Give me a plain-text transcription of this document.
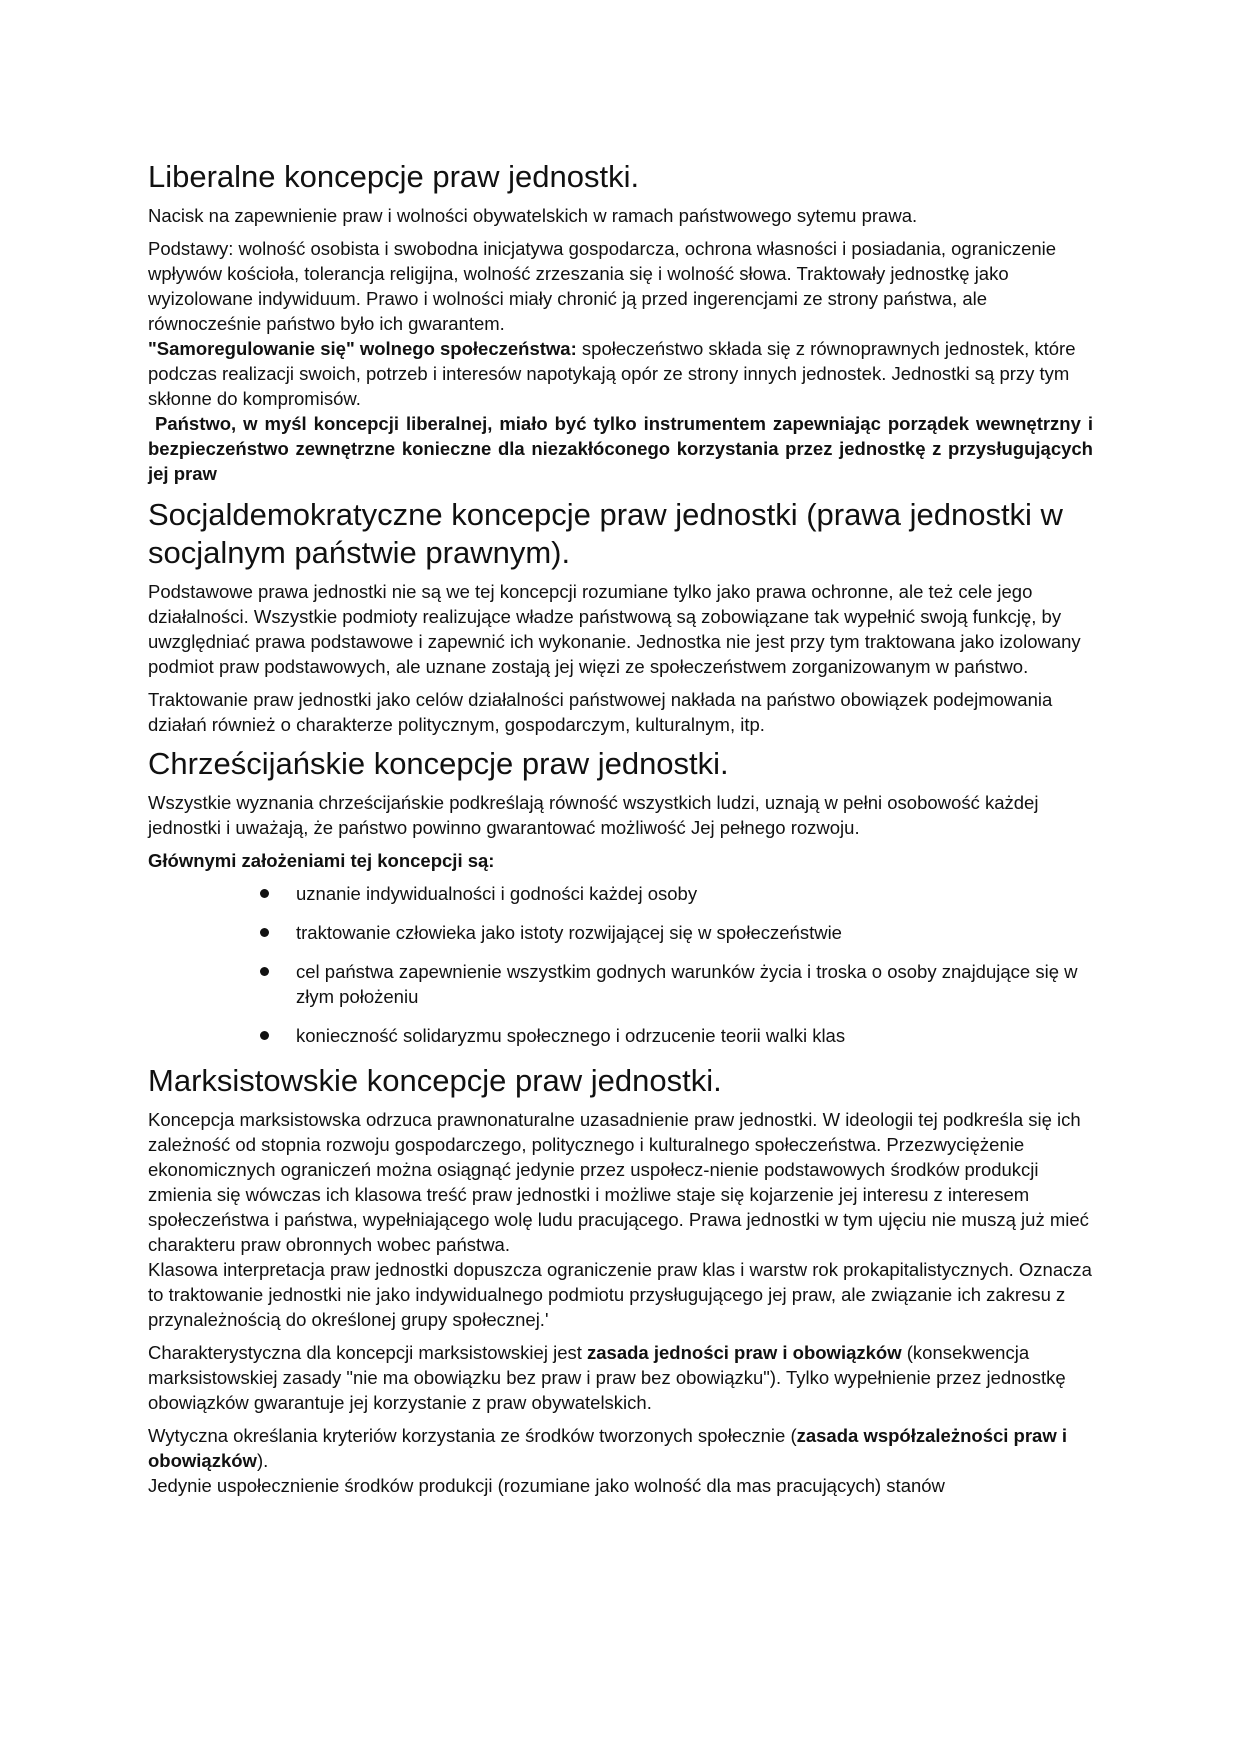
Liberalne koncepcje praw jednostki.

Nacisk na zapewnienie praw i wolności obywatelskich w ramach państwowego sytemu prawa.

Podstawy: wolność osobista i swobodna inicjatywa gospodarcza, ochrona własności i posiadania, ograniczenie wpływów kościoła, tolerancja religijna, wolność zrzeszania się i wolność słowa. Traktowały jednostkę jako wyizolowane indywiduum. Prawo i wolności miały chronić ją przed ingerencjami ze strony państwa, ale równocześnie państwo było ich gwarantem.

"Samoregulowanie się" wolnego społeczeństwa: społeczeństwo składa się z równoprawnych jednostek, które podczas realizacji swoich, potrzeb i interesów napotykają opór ze strony innych jednostek. Jednostki są przy tym skłonne do kompromisów.

Państwo, w myśl koncepcji liberalnej, miało być tylko instrumentem zapewniając porządek wewnętrzny i bezpieczeństwo zewnętrzne konieczne dla niezakłóconego korzystania przez jednostkę z przysługujących jej praw

Socjaldemokratyczne koncepcje praw jednostki (prawa jednostki w socjalnym państwie prawnym).

Podstawowe prawa jednostki nie są we tej koncepcji rozumiane tylko jako prawa ochronne, ale też cele jego działalności. Wszystkie podmioty realizujące władze państwową są zobowiązane tak wypełnić swoją funkcję, by uwzględniać prawa podstawowe i zapewnić ich wykonanie. Jednostka nie jest przy tym traktowana jako izolowany podmiot praw podstawowych, ale uznane zostają jej więzi ze społeczeństwem zorganizowanym w państwo.

Traktowanie praw jednostki jako celów działalności państwowej nakłada na państwo obowiązek podejmowania działań również o charakterze politycznym, gospodarczym, kulturalnym, itp.

Chrześcijańskie koncepcje praw jednostki.

Wszystkie wyznania chrześcijańskie podkreślają równość wszystkich ludzi, uznają w pełni osobowość każdej jednostki i uważają, że państwo powinno gwarantować możliwość Jej pełnego rozwoju.

Głównymi założeniami tej koncepcji są:

uznanie indywidualności i godności każdej osoby
traktowanie człowieka jako istoty rozwijającej się w społeczeństwie
cel państwa zapewnienie wszystkim godnych warunków życia i troska o osoby znajdujące się w złym położeniu
konieczność solidaryzmu społecznego i odrzucenie teorii walki klas
Marksistowskie koncepcje praw jednostki.

Koncepcja marksistowska odrzuca prawnonaturalne uzasadnienie praw jednostki. W ideologii tej podkreśla się ich zależność od stopnia rozwoju gospodarczego, politycznego i kulturalnego społeczeństwa. Przezwyciężenie ekonomicznych ograniczeń można osiągnąć jedynie przez uspołecz-nienie podstawowych środków produkcji zmienia się wówczas ich klasowa treść praw jednostki i możliwe staje się kojarzenie jej interesu z interesem społeczeństwa i państwa, wypełniającego wolę ludu pracującego. Prawa jednostki w tym ujęciu nie muszą już mieć charakteru praw obronnych wobec państwa.

Klasowa interpretacja praw jednostki dopuszcza ograniczenie praw klas i warstw rok prokapitalistycznych. Oznacza to traktowanie jednostki nie jako indywidualnego podmiotu przysługującego jej praw, ale związanie ich zakresu z przynależnością do określonej grupy społecznej.'

Charakterystyczna dla koncepcji marksistowskiej jest zasada jedności praw i obowiązków (konsekwencja marksistowskiej zasady "nie ma obowiązku bez praw i praw bez obowiązku"). Tylko wypełnienie przez jednostkę obowiązków gwarantuje jej korzystanie z praw obywatelskich.

Wytyczna określania kryteriów korzystania ze środków tworzonych społecznie (zasada współzależności praw i obowiązków).

Jedynie uspołecznienie środków produkcji (rozumiane jako wolność dla mas pracujących) stanów
